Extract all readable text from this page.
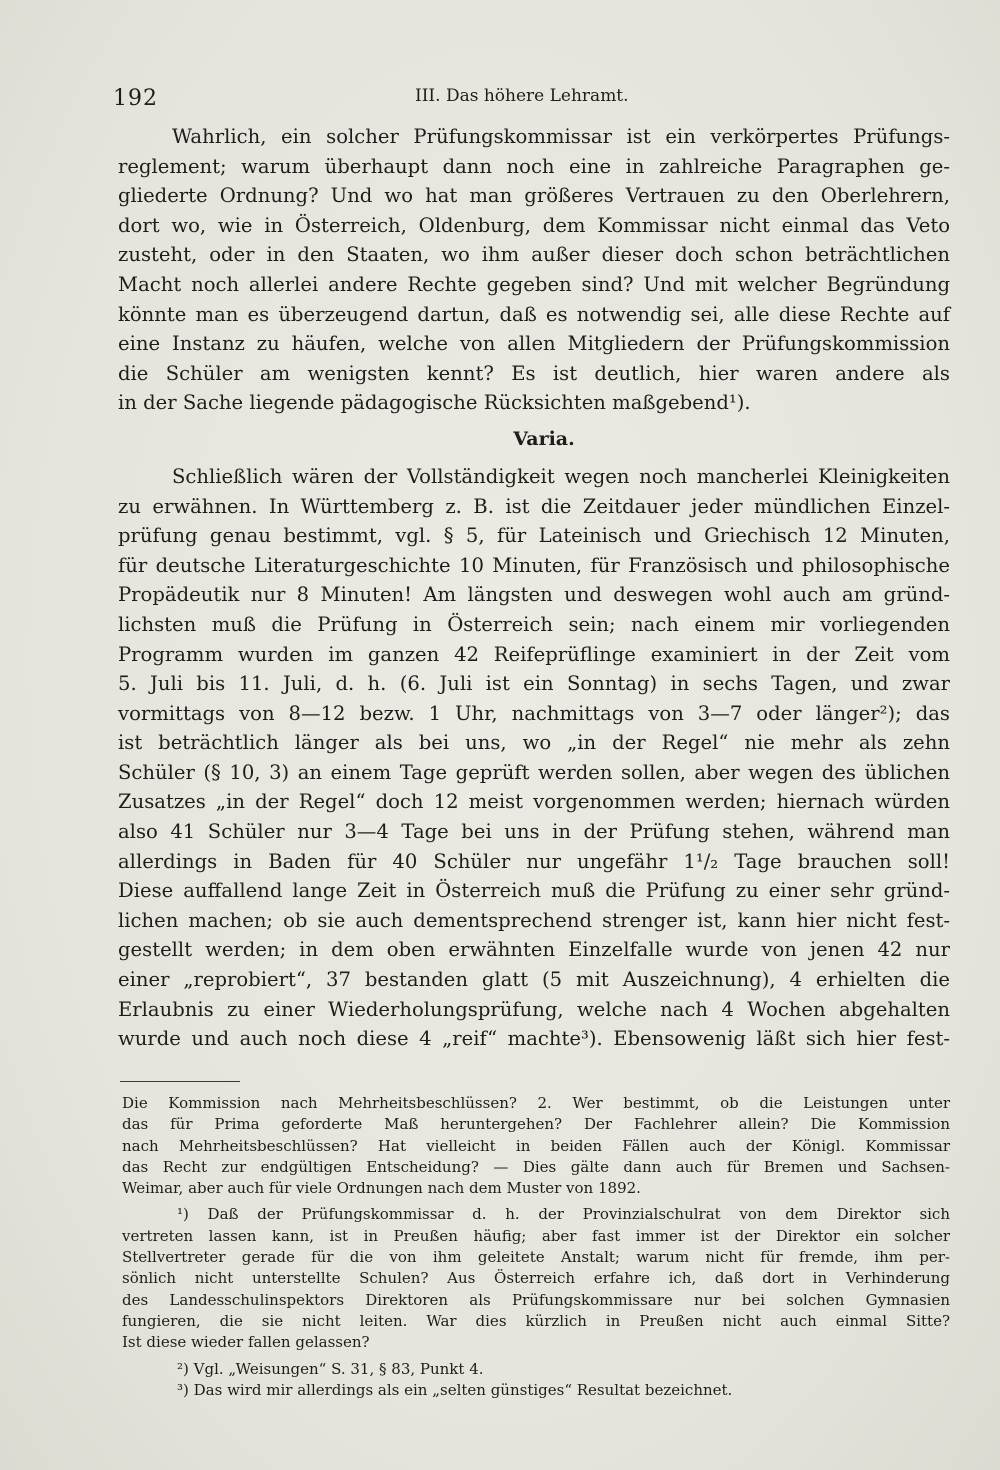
192	III. Das höhere Lehramt.
Wahrlich, ein solcher Prüfungskommissar ist ein verkörpertes Prüfungs-
reglement; warum überhaupt dann noch eine in zahlreiche Paragraphen ge-
gliederte Ordnung? Und wo hat man größeres Vertrauen zu den Oberlehrern,
dort wo, wie in Österreich, Oldenburg, dem Kommissar nicht einmal das Veto
zusteht, oder in den Staaten, wo ihm außer dieser doch schon beträchtlichen
Macht noch allerlei andere Rechte gegeben sind? Und mit welcher Begründung
könnte man es überzeugend dartun, daß es notwendig sei, alle diese Rechte auf
eine Instanz zu häufen, welche von allen Mitgliedern der Prüfungskommission
die Schüler am wenigsten kennt? Es ist deutlich, hier waren andere als
in der Sache liegende pädagogische Rücksichten maßgebend¹).
Varia.
Schließlich wären der Vollständigkeit wegen noch mancherlei Kleinigkeiten
zu erwähnen. In Württemberg z. B. ist die Zeitdauer jeder mündlichen Einzel-
prüfung genau bestimmt, vgl. § 5, für Lateinisch und Griechisch 12 Minuten,
für deutsche Literaturgeschichte 10 Minuten, für Französisch und philosophische
Propädeutik nur 8 Minuten! Am längsten und deswegen wohl auch am gründ-
lichsten muß die Prüfung in Österreich sein; nach einem mir vorliegenden
Programm wurden im ganzen 42 Reifeprüflinge examiniert in der Zeit vom
5. Juli bis 11. Juli, d. h. (6. Juli ist ein Sonntag) in sechs Tagen, und zwar
vormittags von 8—12 bezw. 1 Uhr, nachmittags von 3—7 oder länger²); das
ist beträchtlich länger als bei uns, wo „in der Regel“ nie mehr als zehn
Schüler (§ 10, 3) an einem Tage geprüft werden sollen, aber wegen des üblichen
Zusatzes „in der Regel“ doch 12 meist vorgenommen werden; hiernach würden
also 41 Schüler nur 3—4 Tage bei uns in der Prüfung stehen, während man
allerdings in Baden für 40 Schüler nur ungefähr 1¹/₂ Tage brauchen soll!
Diese auffallend lange Zeit in Österreich muß die Prüfung zu einer sehr gründ-
lichen machen; ob sie auch dementsprechend strenger ist, kann hier nicht fest-
gestellt werden; in dem oben erwähnten Einzelfalle wurde von jenen 42 nur
einer „reprobiert“, 37 bestanden glatt (5 mit Auszeichnung), 4 erhielten die
Erlaubnis zu einer Wiederholungsprüfung, welche nach 4 Wochen abgehalten
wurde und auch noch diese 4 „reif“ machte³). Ebensowenig läßt sich hier fest-
Die Kommission nach Mehrheitsbeschlüssen? 2. Wer bestimmt, ob die Leistungen unter
das für Prima geforderte Maß heruntergehen? Der Fachlehrer allein? Die Kommission
nach Mehrheitsbeschlüssen? Hat vielleicht in beiden Fällen auch der Königl. Kommissar
das Recht zur endgültigen Entscheidung? — Dies gälte dann auch für Bremen und Sachsen-
Weimar, aber auch für viele Ordnungen nach dem Muster von 1892.
¹) Daß der Prüfungskommissar d. h. der Provinzialschulrat von dem Direktor sich
vertreten lassen kann, ist in Preußen häufig; aber fast immer ist der Direktor ein solcher
Stellvertreter gerade für die von ihm geleitete Anstalt; warum nicht für fremde, ihm per-
sönlich nicht unterstellte Schulen? Aus Österreich erfahre ich, daß dort in Verhinderung
des Landesschulinspektors Direktoren als Prüfungskommissare nur bei solchen Gymnasien
fungieren, die sie nicht leiten. War dies kürzlich in Preußen nicht auch einmal Sitte?
Ist diese wieder fallen gelassen?
²) Vgl. „Weisungen“ S. 31, § 83, Punkt 4.
³) Das wird mir allerdings als ein „selten günstiges“ Resultat bezeichnet.
